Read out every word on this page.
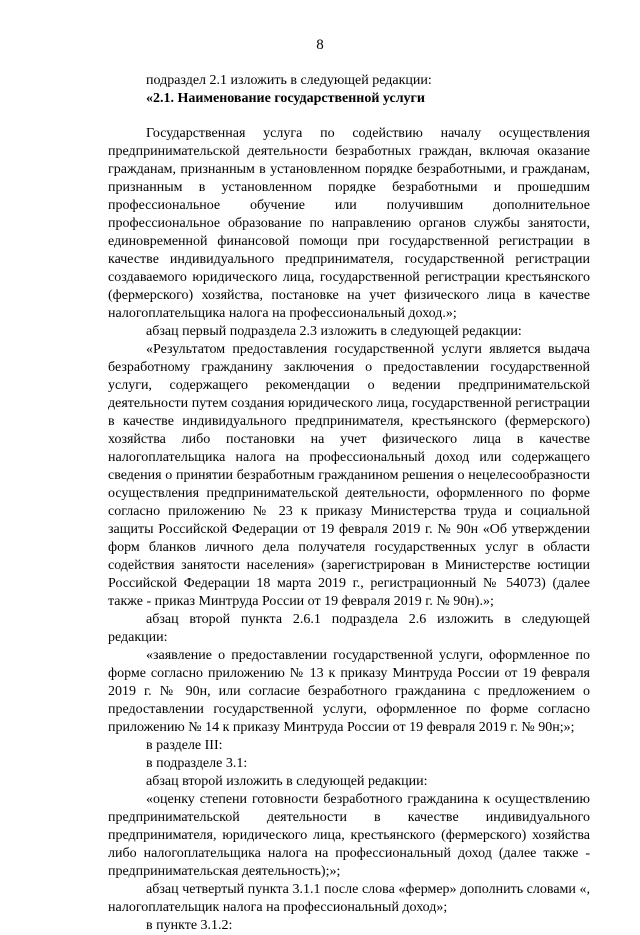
8

подраздел 2.1 изложить в следующей редакции:

«2.1. Наименование государственной услуги

Государственная услуга по содействию началу осуществления предпринимательской деятельности безработных граждан, включая оказание гражданам, признанным в установленном порядке безработными, и гражданам, признанным в установленном порядке безработными и прошедшим профессиональное обучение или получившим дополнительное профессиональное образование по направлению органов службы занятости, единовременной финансовой помощи при государственной регистрации в качестве индивидуального предпринимателя, государственной регистрации создаваемого юридического лица, государственной регистрации крестьянского (фермерского) хозяйства, постановке на учет физического лица в качестве налогоплательщика налога на профессиональный доход.»;

абзац первый подраздела 2.3 изложить в следующей редакции:

«Результатом предоставления государственной услуги является выдача безработному гражданину заключения о предоставлении государственной услуги, содержащего рекомендации о ведении предпринимательской деятельности путем создания юридического лица, государственной регистрации в качестве индивидуального предпринимателя, крестьянского (фермерского) хозяйства либо постановки на учет физического лица в качестве налогоплательщика налога на профессиональный доход или содержащего сведения о принятии безработным гражданином решения о нецелесообразности осуществления предпринимательской деятельности, оформленного по форме согласно приложению № 23 к приказу Министерства труда и социальной защиты Российской Федерации от 19 февраля 2019 г. № 90н «Об утверждении форм бланков личного дела получателя государственных услуг в области содействия занятости населения» (зарегистрирован в Министерстве юстиции Российской Федерации 18 марта 2019 г., регистрационный № 54073) (далее также - приказ Минтруда России от 19 февраля 2019 г. № 90н).»;

абзац второй пункта 2.6.1 подраздела 2.6 изложить в следующей редакции:

«заявление о предоставлении государственной услуги, оформленное по форме согласно приложению № 13 к приказу Минтруда России от 19 февраля 2019 г. № 90н, или согласие безработного гражданина с предложением о предоставлении государственной услуги, оформленное по форме согласно приложению № 14 к приказу Минтруда России от 19 февраля 2019 г. № 90н;»;

в разделе III:

в подразделе 3.1:

абзац второй изложить в следующей редакции:

«оценку степени готовности безработного гражданина к осуществлению предпринимательской деятельности в качестве индивидуального предпринимателя, юридического лица, крестьянского (фермерского) хозяйства либо налогоплательщика налога на профессиональный доход (далее также - предпринимательская деятельность);»;

абзац четвертый пункта 3.1.1 после слова «фермер» дополнить словами «, налогоплательщик налога на профессиональный доход»;

в пункте 3.1.2:
